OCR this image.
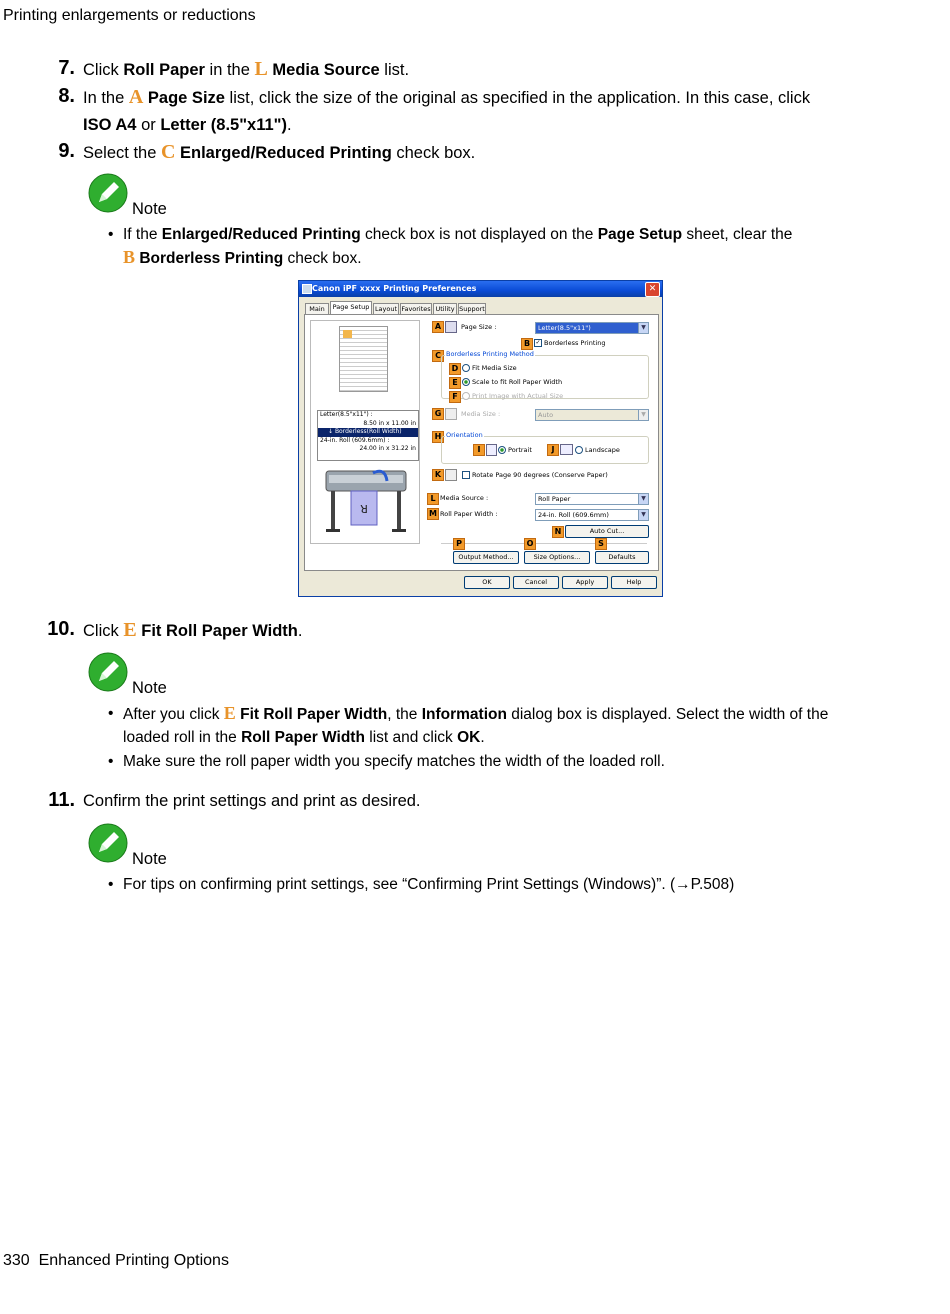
Printing enlargements or reductions
7. Click Roll Paper in the L Media Source list.
8. In the A Page Size list, click the size of the original as specified in the application. In this case, click ISO A4 or Letter (8.5"x11").
9. Select the C Enlarged/Reduced Printing check box.
Note
• If the Enlarged/Reduced Printing check box is not displayed on the Page Setup sheet, clear the
B Borderless Printing check box.
Canon iPF xxxx Printing Preferences	✕
Main	Page Setup Layout Favorites Utility Support
Letter(8.5"x11") :
8.50 in x 11.00 in
↓ Borderless(Roll Width)
24-in. Roll (609.6mm) :
24.00 in x 31.22 in
R
A	Page Size :	Letter(8.5"x11")	▼
B ✓ Borderless Printing
C Borderless Printing Method
D	Fit Media Size
E	Scale to fit Roll Paper Width
F	Print Image with Actual Size
G	Media Size :	Auto	▼
H Orientation
I	Portrait	J	Landscape
K	Rotate Page 90 degrees (Conserve Paper)
L Media Source :	Roll Paper	▼
M Roll Paper Width :	24-in. Roll (609.6mm)	▼
N	Auto Cut...
P	O	S
Output Method...	Size Options...	Defaults
OK	Cancel	Apply	Help
10. Click E Fit Roll Paper Width.
Note
• After you click E Fit Roll Paper Width, the Information dialog box is displayed. Select the width of the loaded roll in the Roll Paper Width list and click OK.
• Make sure the roll paper width you specify matches the width of the loaded roll.
11. Confirm the print settings and print as desired.
Note
• For tips on confirming print settings, see “Confirming Print Settings (Windows)”. (→P.508)
330 Enhanced Printing Options
